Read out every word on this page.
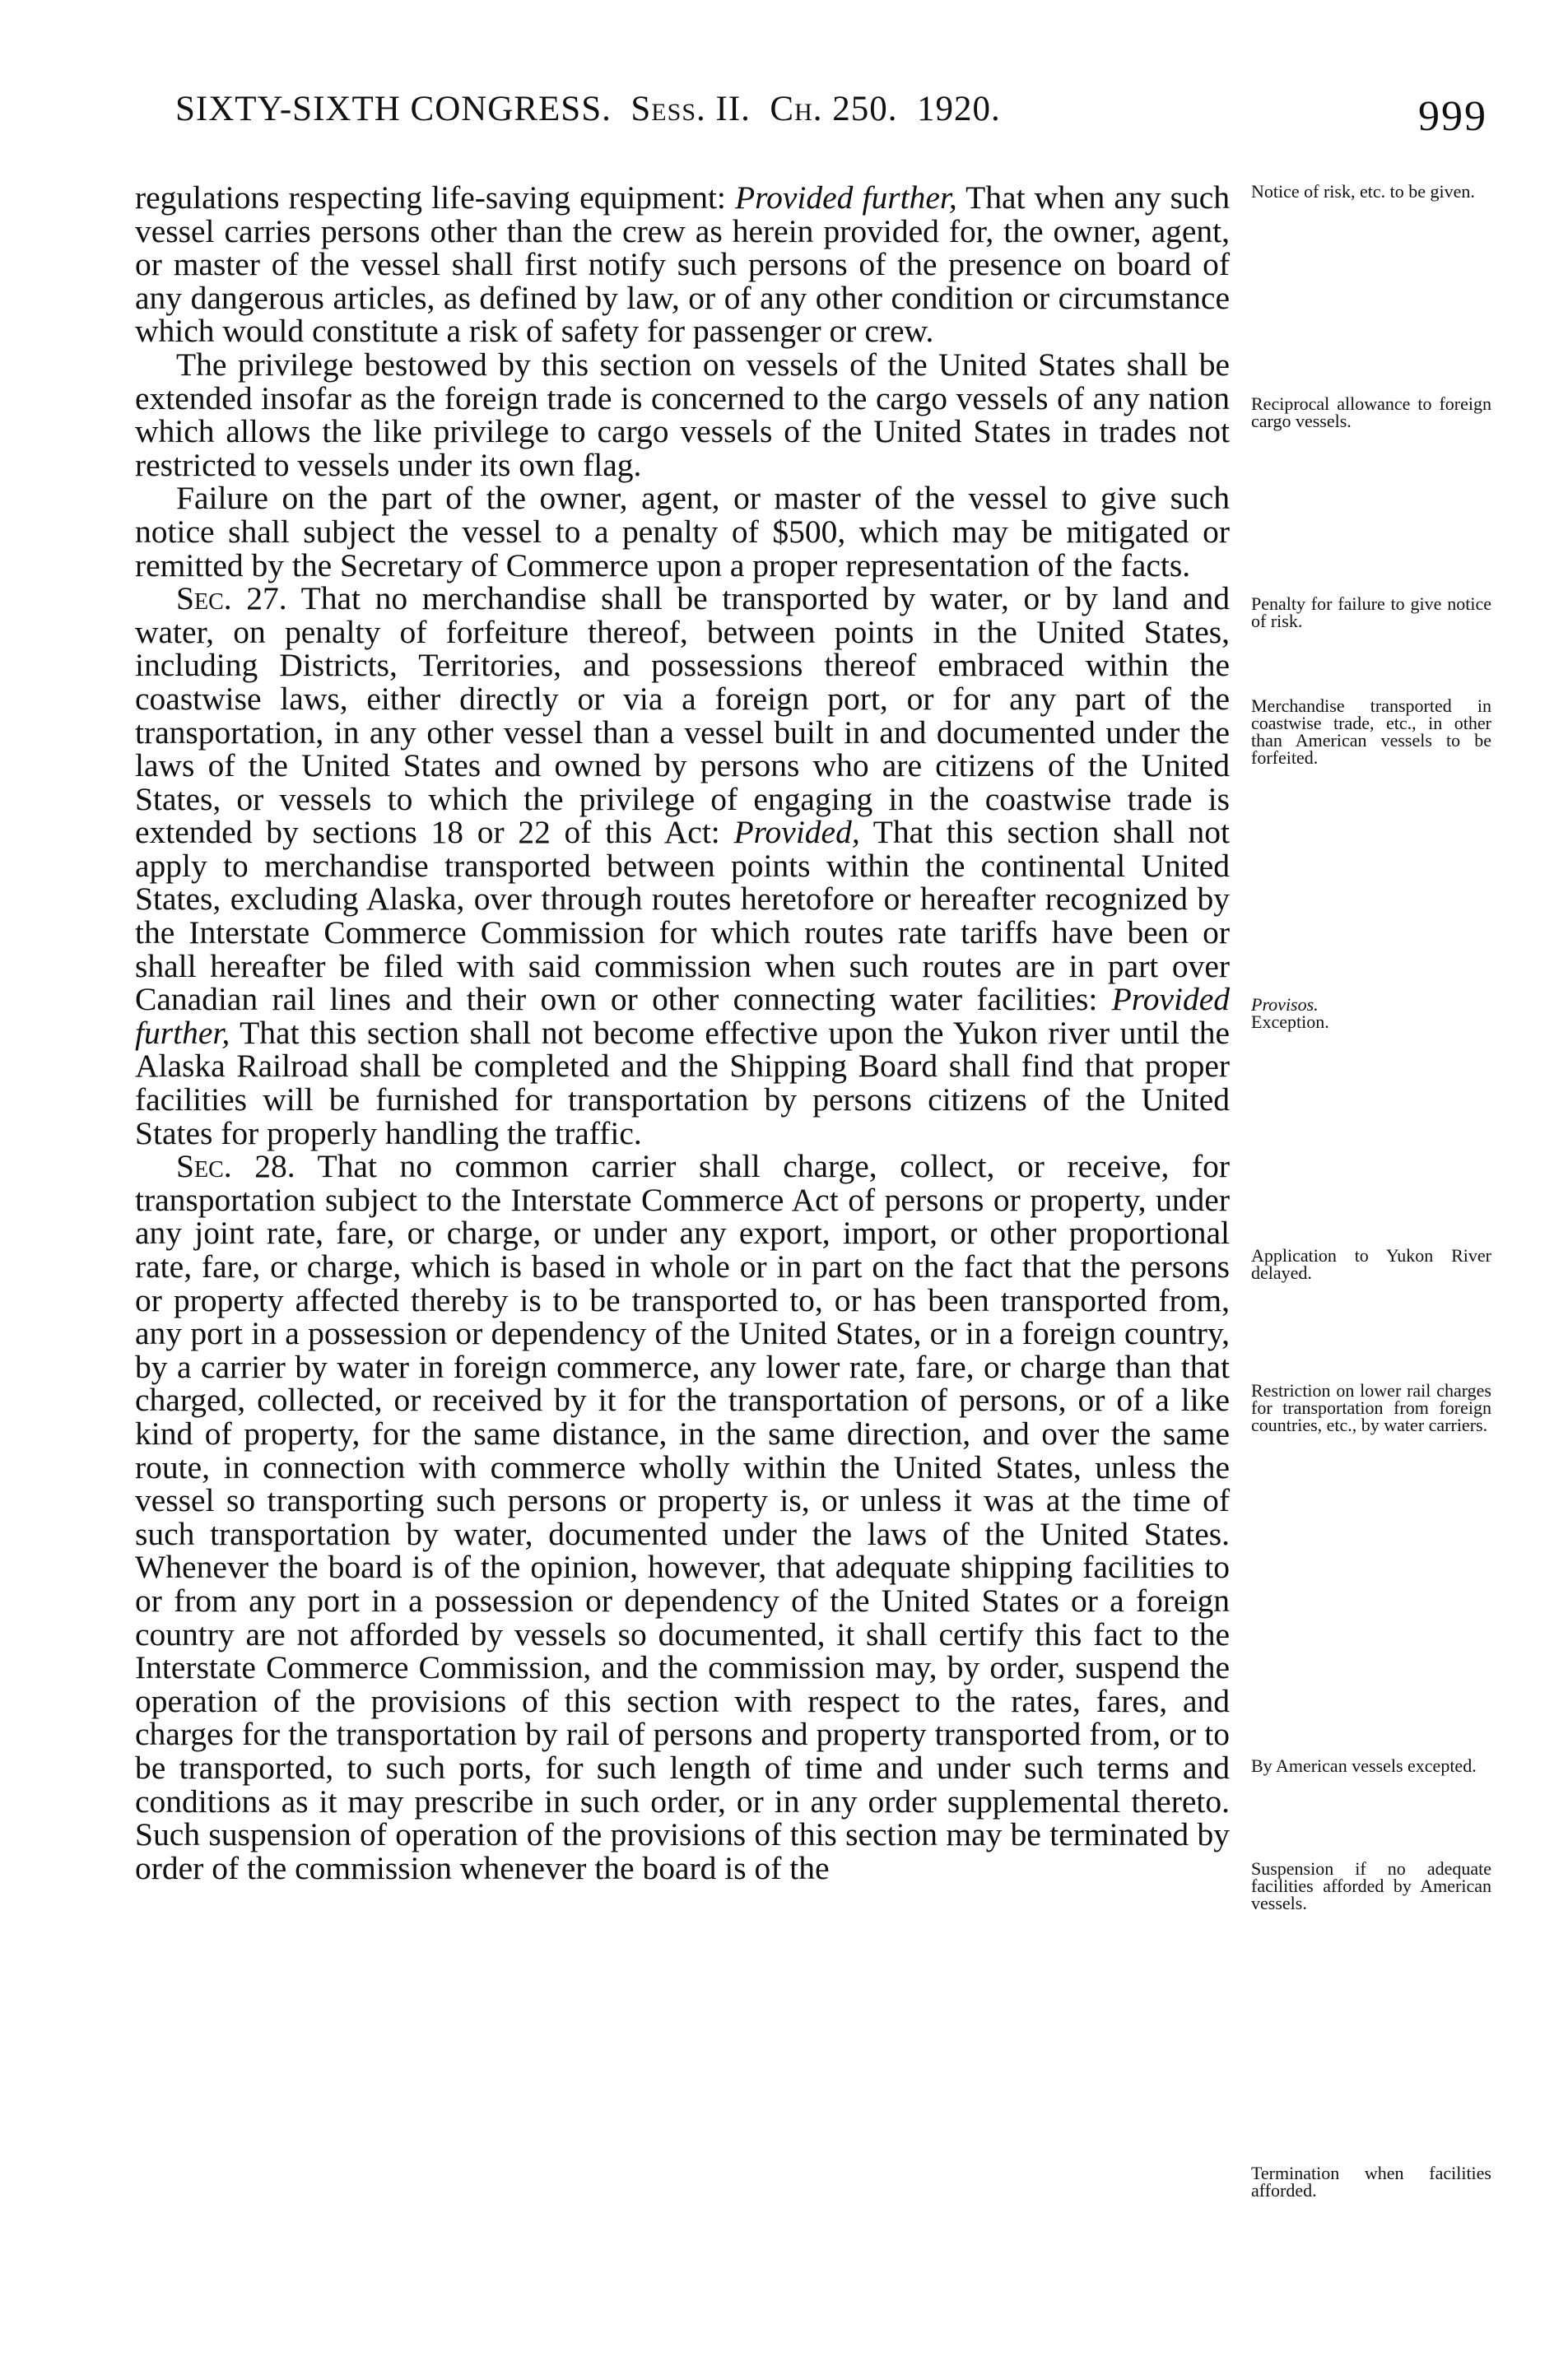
SIXTY-SIXTH CONGRESS. Sess. II. Ch. 250. 1920.	999

regulations respecting life-saving equipment: Provided further, That when any such vessel carries persons other than the crew as herein provided for, the owner, agent, or master of the vessel shall first notify such persons of the presence on board of any dangerous articles, as defined by law, or of any other condition or circumstance which would constitute a risk of safety for passenger or crew.

The privilege bestowed by this section on vessels of the United States shall be extended insofar as the foreign trade is concerned to the cargo vessels of any nation which allows the like privilege to cargo vessels of the United States in trades not restricted to vessels under its own flag.

Failure on the part of the owner, agent, or master of the vessel to give such notice shall subject the vessel to a penalty of $500, which may be mitigated or remitted by the Secretary of Commerce upon a proper representation of the facts.

Sec. 27. That no merchandise shall be transported by water, or by land and water, on penalty of forfeiture thereof, between points in the United States, including Districts, Territories, and possessions thereof embraced within the coastwise laws, either directly or via a foreign port, or for any part of the transportation, in any other vessel than a vessel built in and documented under the laws of the United States and owned by persons who are citizens of the United States, or vessels to which the privilege of engaging in the coastwise trade is extended by sections 18 or 22 of this Act: Provided, That this section shall not apply to merchandise transported between points within the continental United States, excluding Alaska, over through routes heretofore or hereafter recognized by the Interstate Commerce Commission for which routes rate tariffs have been or shall hereafter be filed with said commission when such routes are in part over Canadian rail lines and their own or other connecting water facilities: Provided further, That this section shall not become effective upon the Yukon river until the Alaska Railroad shall be completed and the Shipping Board shall find that proper facilities will be furnished for transportation by persons citizens of the United States for properly handling the traffic.

Sec. 28. That no common carrier shall charge, collect, or receive, for transportation subject to the Interstate Commerce Act of persons or property, under any joint rate, fare, or charge, or under any export, import, or other proportional rate, fare, or charge, which is based in whole or in part on the fact that the persons or property affected thereby is to be transported to, or has been transported from, any port in a possession or dependency of the United States, or in a foreign country, by a carrier by water in foreign commerce, any lower rate, fare, or charge than that charged, collected, or received by it for the transportation of persons, or of a like kind of property, for the same distance, in the same direction, and over the same route, in connection with commerce wholly within the United States, unless the vessel so transporting such persons or property is, or unless it was at the time of such transportation by water, documented under the laws of the United States. Whenever the board is of the opinion, however, that adequate shipping facilities to or from any port in a possession or dependency of the United States or a foreign country are not afforded by vessels so documented, it shall certify this fact to the Interstate Commerce Commission, and the commission may, by order, suspend the operation of the provisions of this section with respect to the rates, fares, and charges for the transportation by rail of persons and property transported from, or to be transported, to such ports, for such length of time and under such terms and conditions as it may prescribe in such order, or in any order supplemental thereto. Such suspension of operation of the provisions of this section may be terminated by order of the commission whenever the board is of the

Notice of risk, etc. to be given.
Reciprocal allowance to foreign cargo vessels.
Penalty for failure to give notice of risk.
Merchandise transported in coastwise trade, etc., in other than American vessels to be forfeited.
Provisos.
Exception.
Application to Yukon River delayed.
Restriction on lower rail charges for transportation from foreign countries, etc., by water carriers.
By American vessels excepted.
Suspension if no adequate facilities afforded by American vessels.
Termination when facilities afforded.
